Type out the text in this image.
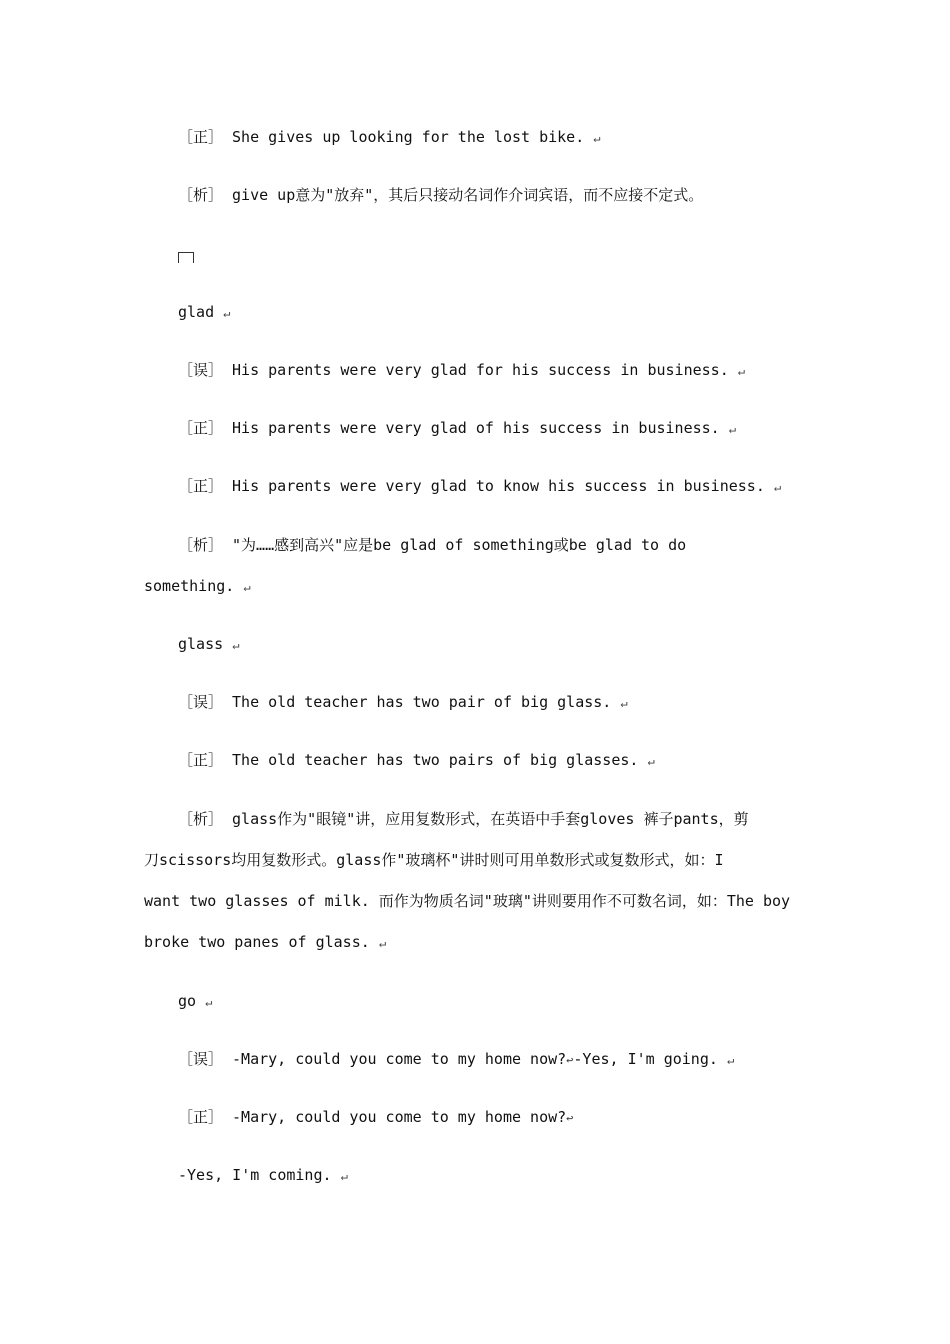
［正］ She gives up looking for the lost bike. ↵
［析］ give up意为"放弃"，其后只接动名词作介词宾语，而不应接不定式。
glad ↵
［误］ His parents were very glad for his success in business. ↵
［正］ His parents were very glad of his success in business. ↵
［正］ His parents were very glad to know his success in business. ↵
［析］ "为……感到高兴"应是be glad of something或be glad to do
something. ↵
glass ↵
［误］ The old teacher has two pair of big glass. ↵
［正］ The old teacher has two pairs of big glasses. ↵
［析］ glass作为"眼镜"讲，应用复数形式，在英语中手套gloves 裤子pants，剪
刀scissors均用复数形式。glass作"玻璃杯"讲时则可用单数形式或复数形式，如：I
want two glasses of milk. 而作为物质名词"玻璃"讲则要用作不可数名词，如：The boy
broke two panes of glass. ↵
go ↵
［误］ -Mary, could you come to my home now?↩-Yes, I'm going. ↵
［正］ -Mary, could you come to my home now?↩
-Yes, I'm coming. ↵
